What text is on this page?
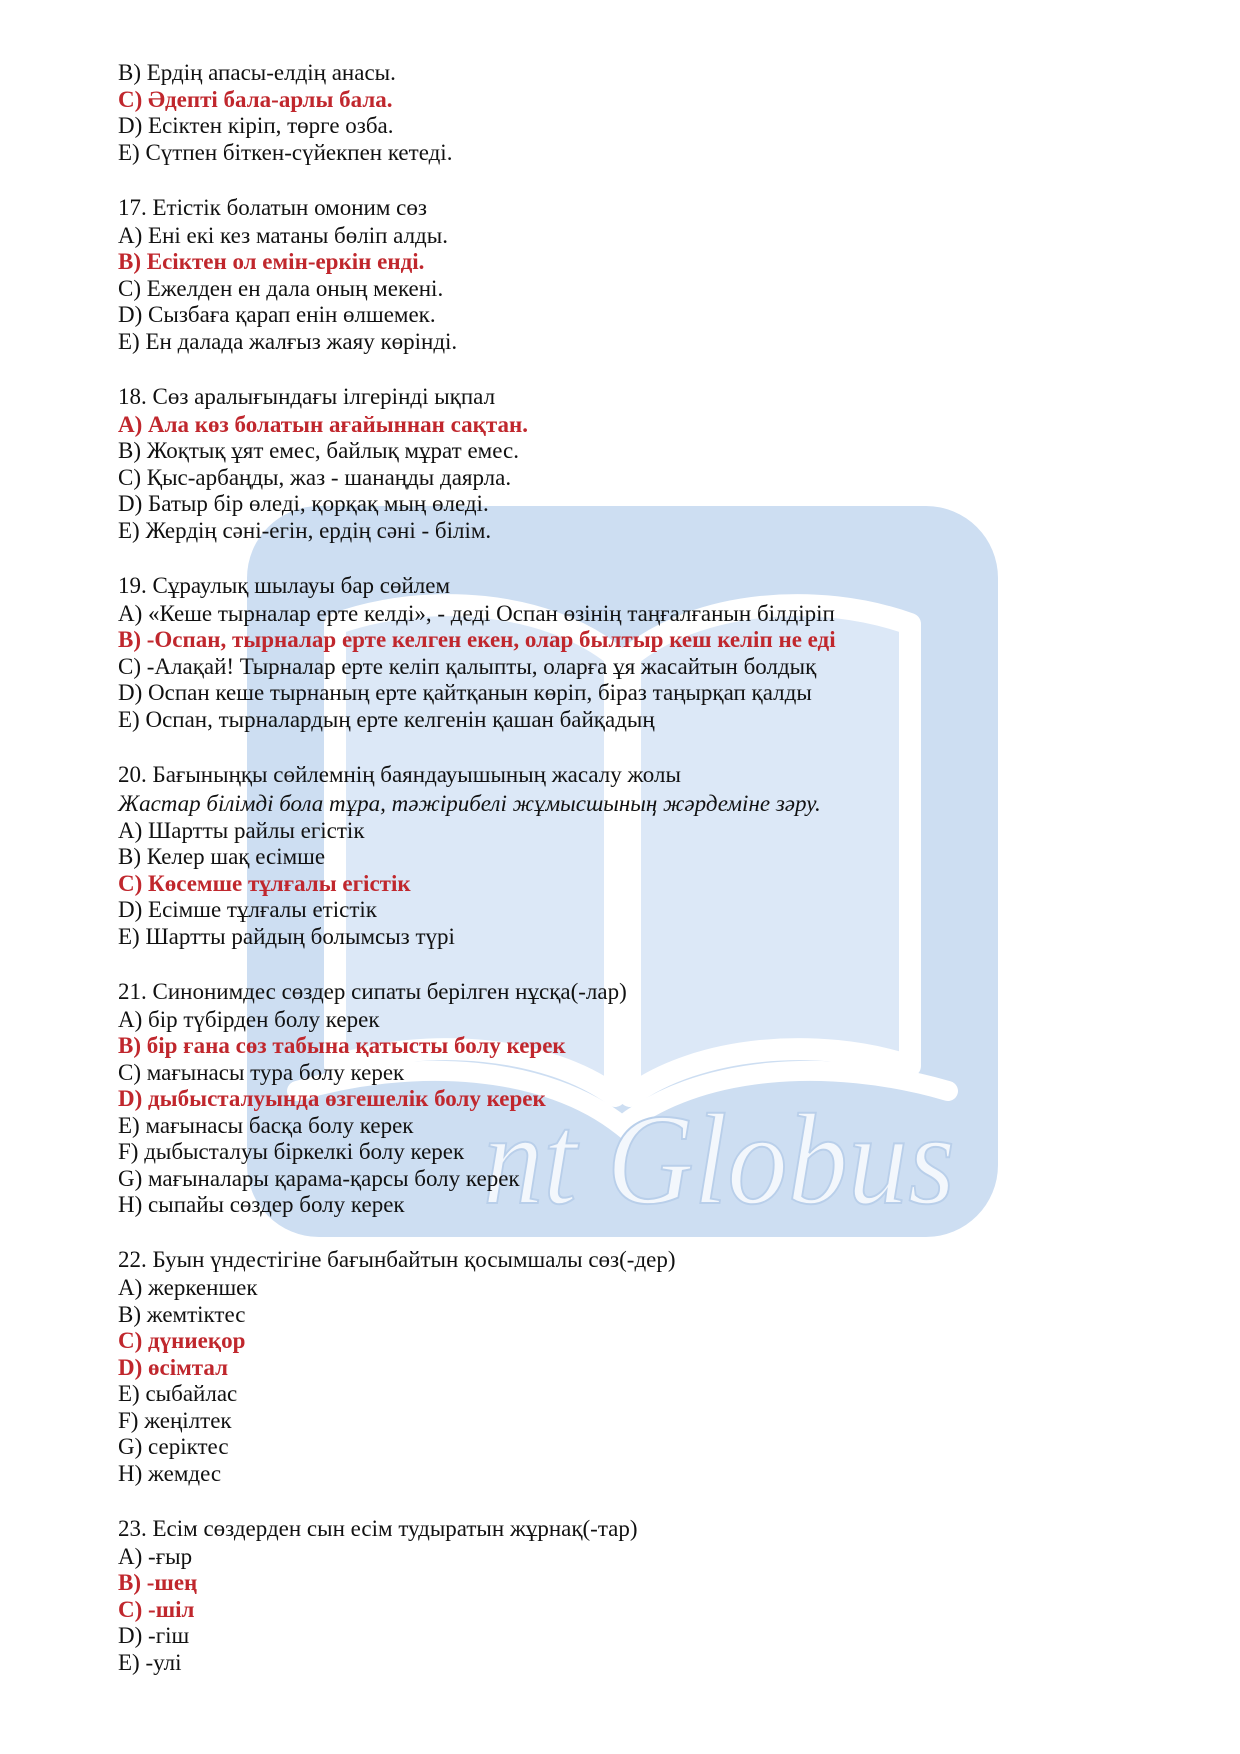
nt Globus
B) Ердің апасы-елдің анасы.
C) Әдепті бала-арлы бала.
D) Есіктен кіріп, төрге озба.
E) Сүтпен біткен-сүйекпен кетеді.
17. Етістік болатын омоним сөз
A) Ені екі кез матаны бөліп алды.
B) Есіктен ол емін-еркін енді.
C) Ежелден ен дала оның мекені.
D) Сызбаға қарап енін өлшемек.
E) Ен далада жалғыз жаяу көрінді.
18. Сөз аралығындағы ілгерінді ықпал
A) Ала көз болатын ағайыннан сақтан.
B) Жоқтық ұят емес, байлық мұрат емес.
C) Қыс-арбаңды, жаз - шанаңды даярла.
D) Батыр бір өледі, қорқақ мың өледі.
E) Жердің сәні-егін, ердің сәні - білім.
19. Сұраулық шылауы бар сөйлем
A) «Кеше тырналар ерте келді», - деді Оспан өзінің таңғалғанын білдіріп
B) -Оспан, тырналар ерте келген екен, олар былтыр кеш келіп не еді
C) -Алақай! Тырналар ерте келіп қалыпты, оларға ұя жасайтын болдық
D) Оспан кеше тырнаның ерте қайтқанын көріп, біраз таңырқап қалды
E) Оспан, тырналардың ерте келгенін қашан байқадың
20. Бағыныңқы сөйлемнің баяндауышының жасалу жолы
Жастар білімді бола тұра, тәжірибелі жұмысшының жәрдеміне зәру.
A) Шартты райлы егістік
B) Келер шақ есімше
C) Көсемше тұлғалы егістік
D) Есімше тұлғалы етістік
E) Шартты райдың болымсыз түрі
21. Синонимдес сөздер сипаты берілген нұсқа(-лар)
A) бір түбірден болу керек
B) бір ғана сөз табына қатысты болу керек
C) мағынасы тура болу керек
D) дыбысталуында өзгешелік болу керек
E) мағынасы басқа болу керек
F) дыбысталуы біркелкі болу керек
G) мағыналары қарама-қарсы болу керек
H) сыпайы сөздер болу керек
22. Буын үндестігіне бағынбайтын қосымшалы сөз(-дер)
A) жеркеншек
B) жемтіктес
C) дүниеқор
D) өсімтал
E) сыбайлас
F) жеңілтек
G) серіктес
H) жемдес
23. Есім сөздерден сын есім тудыратын жұрнақ(-тар)
A) -ғыр
B) -шең
C) -шіл
D) -гіш
E) -улі
